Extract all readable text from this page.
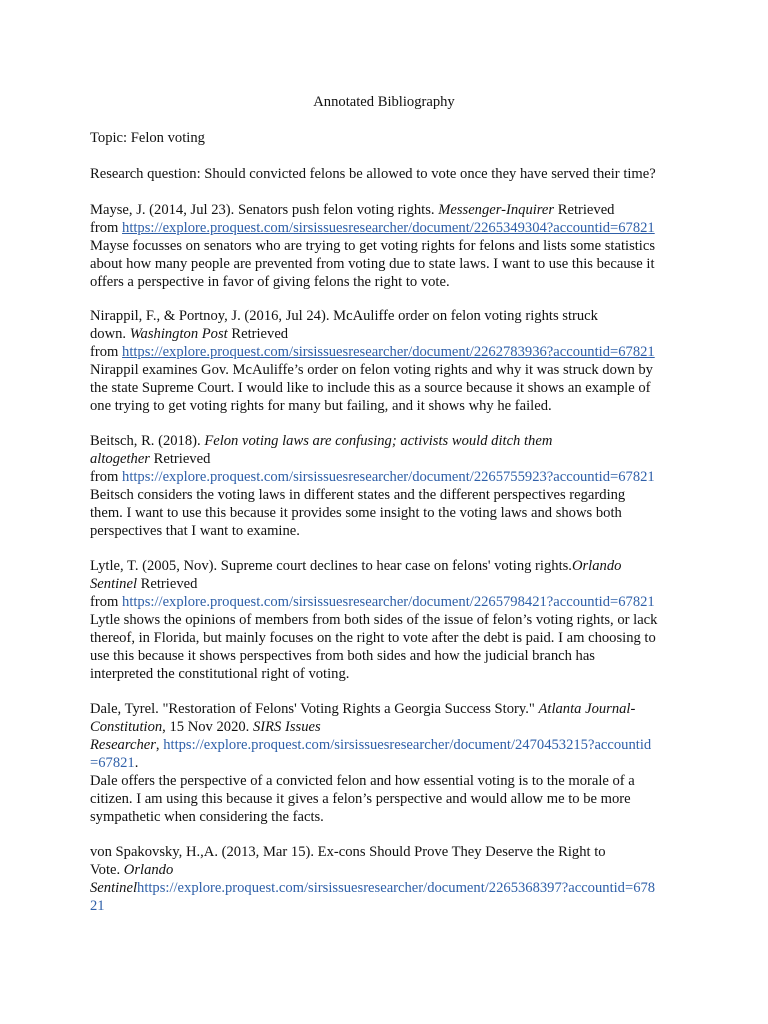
Annotated Bibliography
Topic: Felon voting
Research question: Should convicted felons be allowed to vote once they have served their time?
Mayse, J. (2014, Jul 23). Senators push felon voting rights. Messenger-Inquirer Retrieved
from https://explore.proquest.com/sirsissuesresearcher/document/2265349304?accountid=67821
Mayse focusses on senators who are trying to get voting rights for felons and lists some statistics
about how many people are prevented from voting due to state laws. I want to use this because it
offers a perspective in favor of giving felons the right to vote.
Nirappil, F., & Portnoy, J. (2016, Jul 24). McAuliffe order on felon voting rights struck
down. Washington Post Retrieved
from https://explore.proquest.com/sirsissuesresearcher/document/2262783936?accountid=67821
Nirappil examines Gov. McAuliffe’s order on felon voting rights and why it was struck down by
the state Supreme Court. I would like to include this as a source because it shows an example of
one trying to get voting rights for many but failing, and it shows why he failed.
Beitsch, R. (2018). Felon voting laws are confusing; activists would ditch them
altogether Retrieved
from https://explore.proquest.com/sirsissuesresearcher/document/2265755923?accountid=67821
Beitsch considers the voting laws in different states and the different perspectives regarding
them. I want to use this because it provides some insight to the voting laws and shows both
perspectives that I want to examine.
Lytle, T. (2005, Nov). Supreme court declines to hear case on felons' voting rights.Orlando
Sentinel Retrieved
from https://explore.proquest.com/sirsissuesresearcher/document/2265798421?accountid=67821
Lytle shows the opinions of members from both sides of the issue of felon’s voting rights, or lack
thereof, in Florida, but mainly focuses on the right to vote after the debt is paid. I am choosing to
use this because it shows perspectives from both sides and how the judicial branch has
interpreted the constitutional right of voting.
Dale, Tyrel. "Restoration of Felons' Voting Rights a Georgia Success Story." Atlanta Journal-
Constitution, 15 Nov 2020. SIRS Issues
Researcher, https://explore.proquest.com/sirsissuesresearcher/document/2470453215?accountid
=67821.
Dale offers the perspective of a convicted felon and how essential voting is to the morale of a
citizen. I am using this because it gives a felon’s perspective and would allow me to be more
sympathetic when considering the facts.
von Spakovsky, H.,A. (2013, Mar 15). Ex-cons Should Prove They Deserve the Right to
Vote. Orlando
Sentinelhttps://explore.proquest.com/sirsissuesresearcher/document/2265368397?accountid=678
21
